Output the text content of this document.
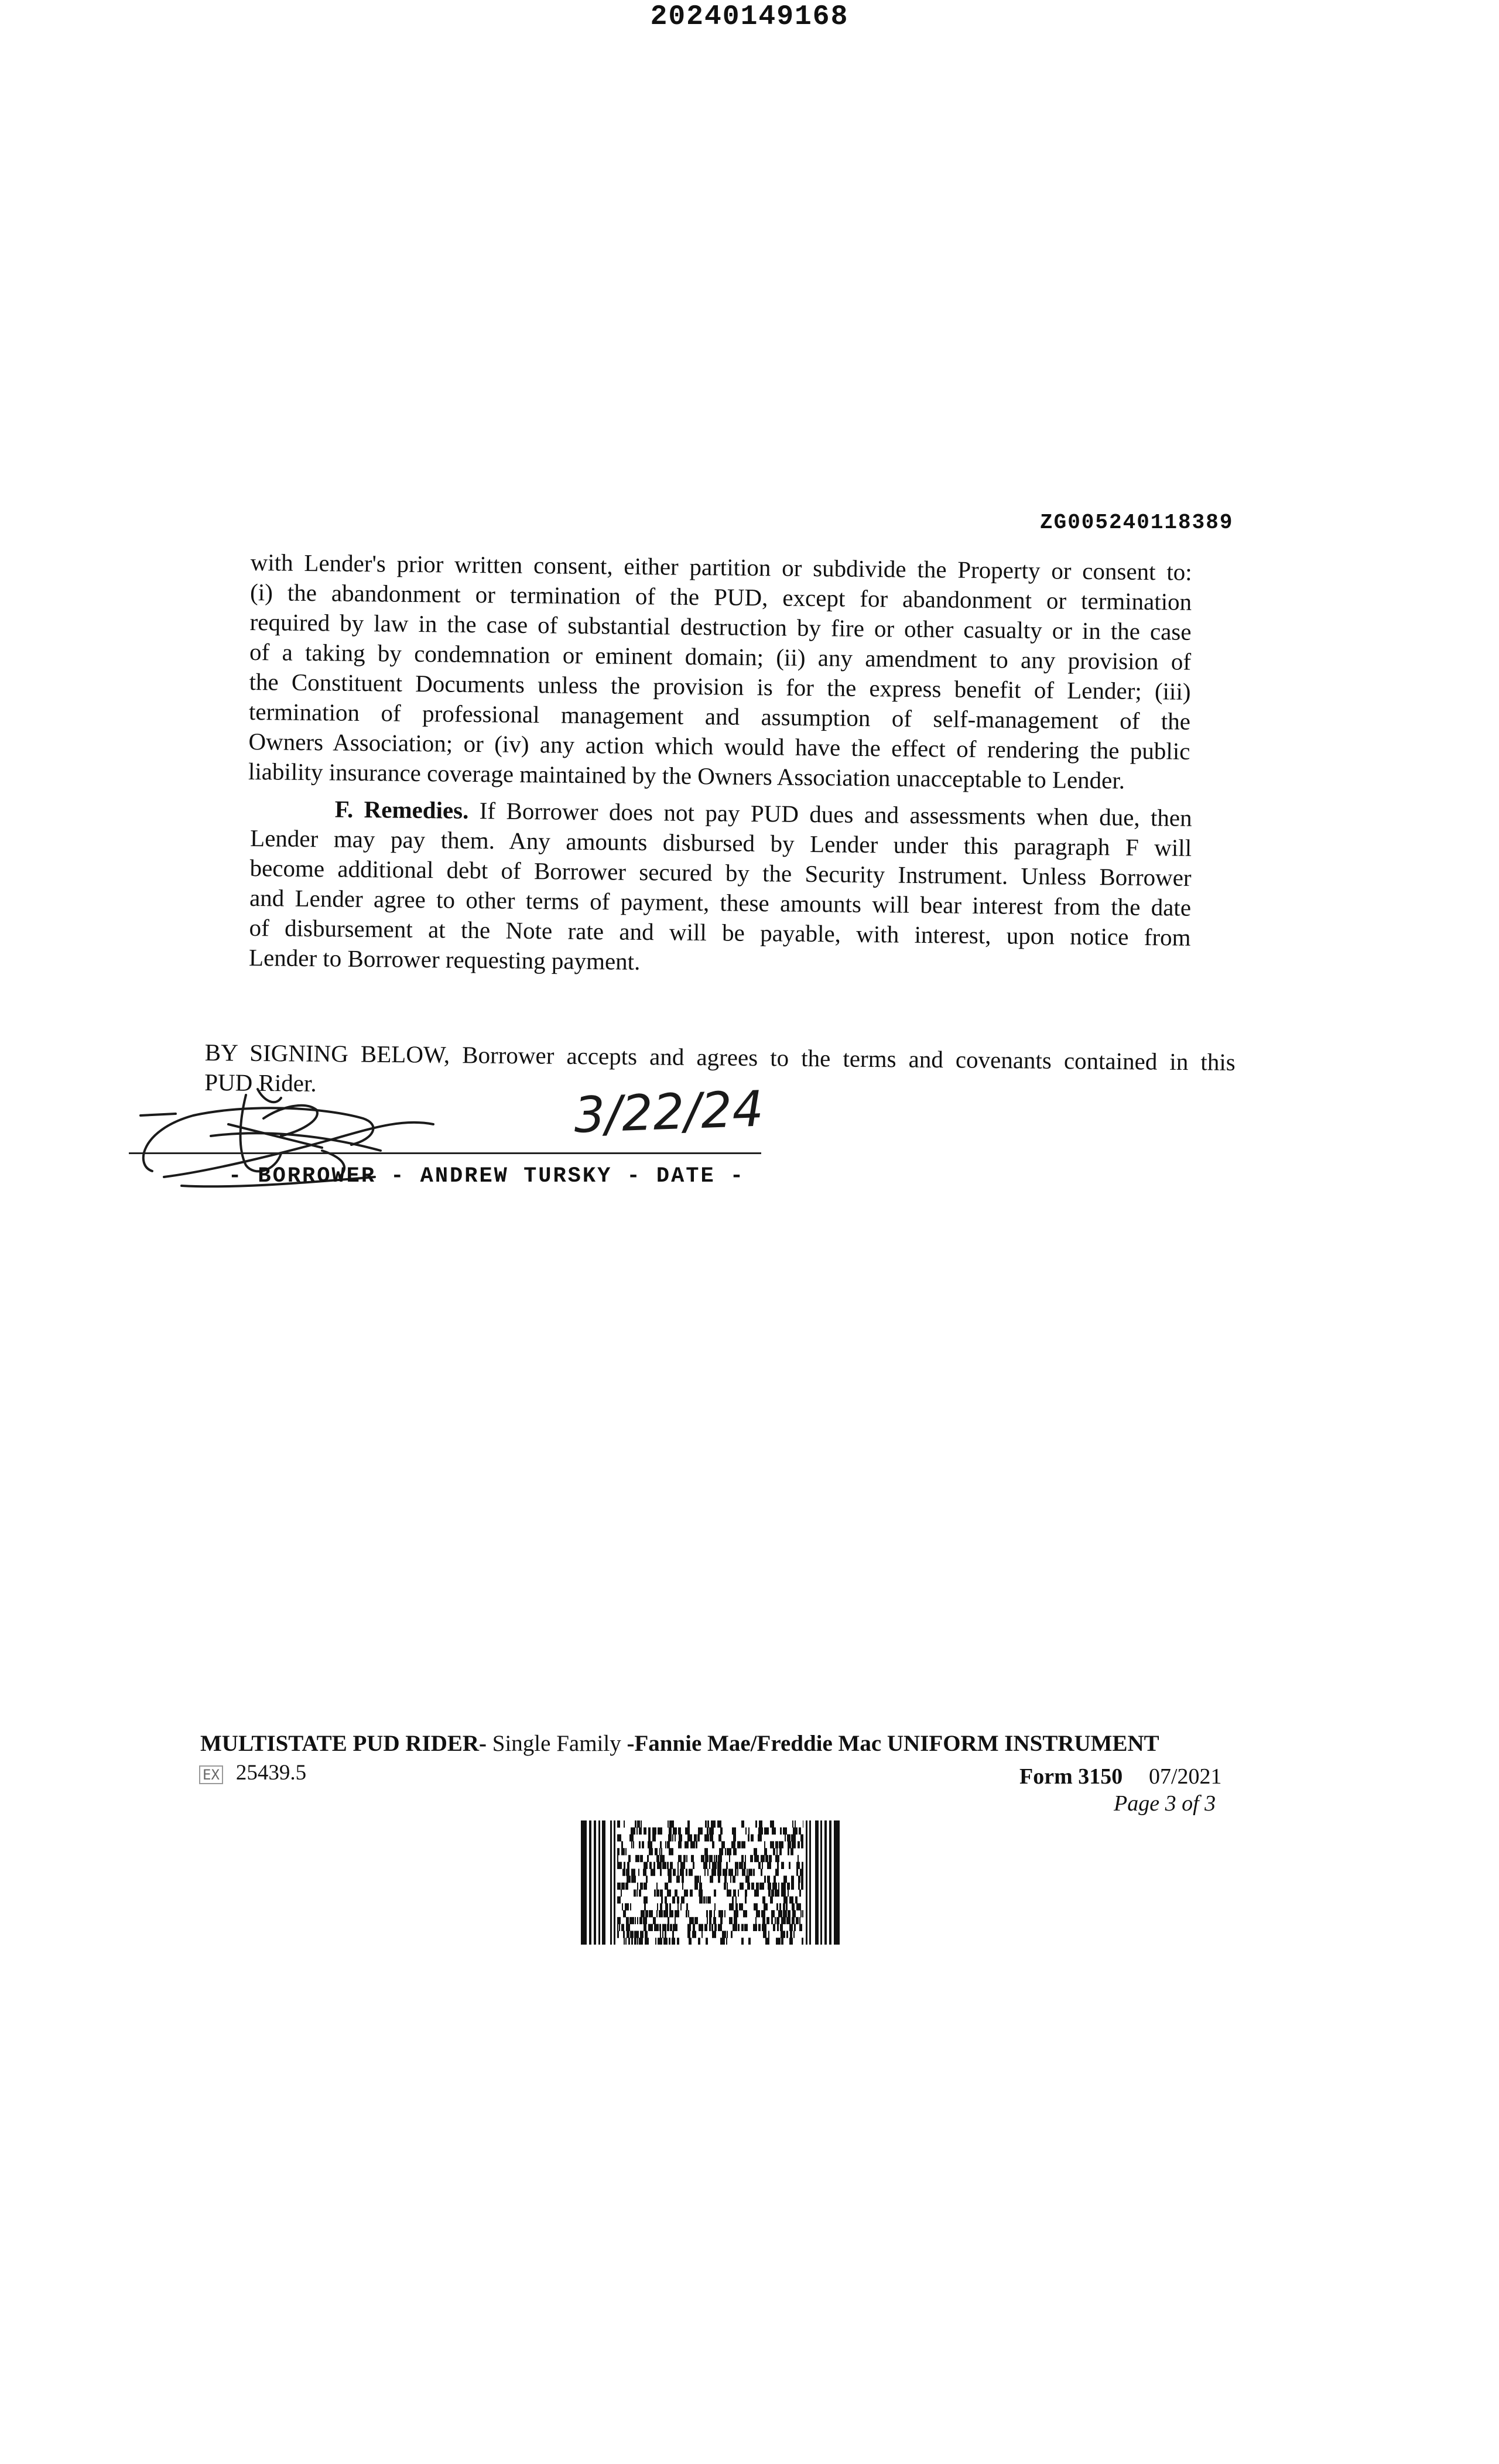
20240149168
ZG005240118389
with Lender's prior written consent, either partition or subdivide the Property or consent to:
(i) the abandonment or termination of the PUD, except for abandonment or termination
required by law in the case of substantial destruction by fire or other casualty or in the case
of a taking by condemnation or eminent domain; (ii) any amendment to any provision of
the Constituent Documents unless the provision is for the express benefit of Lender; (iii)
termination of professional management and assumption of self-management of the
Owners Association; or (iv) any action which would have the effect of rendering the public
liability insurance coverage maintained by the Owners Association unacceptable to Lender.
F. Remedies. If Borrower does not pay PUD dues and assessments when due, then
Lender may pay them. Any amounts disbursed by Lender under this paragraph F will
become additional debt of Borrower secured by the Security Instrument. Unless Borrower
and Lender agree to other terms of payment, these amounts will bear interest from the date
of disbursement at the Note rate and will be payable, with interest, upon notice from
Lender to Borrower requesting payment.
BY SIGNING BELOW, Borrower accepts and agrees to the terms and covenants contained in this
PUD Rider.	3/22/24
- BORROWER - ANDREW TURSKY - DATE -
MULTISTATE PUD RIDER- Single Family -Fannie Mae/Freddie Mac UNIFORM INSTRUMENT
EX 25439.5	Form 3150 07/2021
Page 3 of 3
